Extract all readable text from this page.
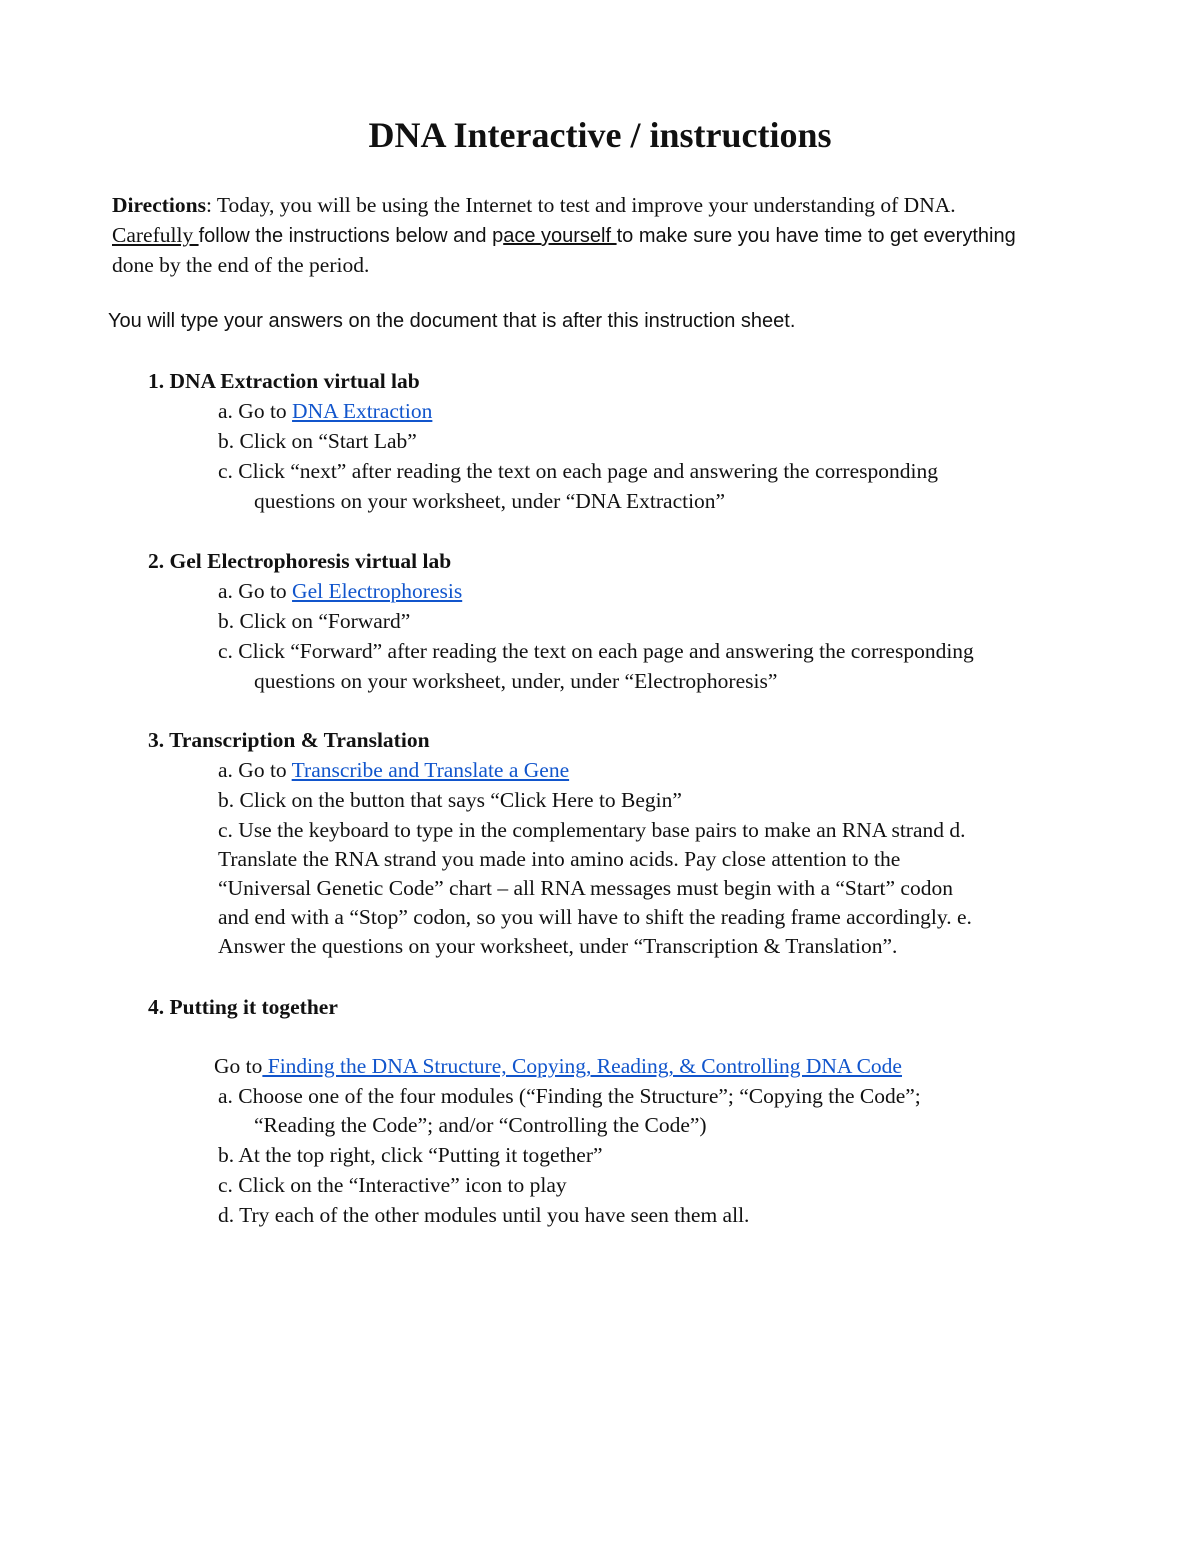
DNA Interactive / instructions
Directions: Today, you will be using the Internet to test and improve your understanding of DNA.
Carefully follow the instructions below and pace yourself to make sure you have time to get everything
done by the end of the period.
You will type your answers on the document that is after this instruction sheet.
1. DNA Extraction virtual lab
a. Go to DNA Extraction
b. Click on “Start Lab”
c. Click “next” after reading the text on each page and answering the corresponding
questions on your worksheet, under “DNA Extraction”
2. Gel Electrophoresis virtual lab
a. Go to Gel Electrophoresis
b. Click on “Forward”
c. Click “Forward” after reading the text on each page and answering the corresponding
questions on your worksheet, under, under “Electrophoresis”
3. Transcription & Translation
a. Go to Transcribe and Translate a Gene
b. Click on the button that says “Click Here to Begin”
c. Use the keyboard to type in the complementary base pairs to make an RNA strand d.
Translate the RNA strand you made into amino acids. Pay close attention to the
“Universal Genetic Code” chart – all RNA messages must begin with a “Start” codon
and end with a “Stop” codon, so you will have to shift the reading frame accordingly. e.
Answer the questions on your worksheet, under “Transcription & Translation”.
4. Putting it together
Go to Finding the DNA Structure, Copying, Reading, & Controlling DNA Code
a. Choose one of the four modules (“Finding the Structure”; “Copying the Code”;
“Reading the Code”; and/or “Controlling the Code”)
b. At the top right, click “Putting it together”
c. Click on the “Interactive” icon to play
d. Try each of the other modules until you have seen them all.
